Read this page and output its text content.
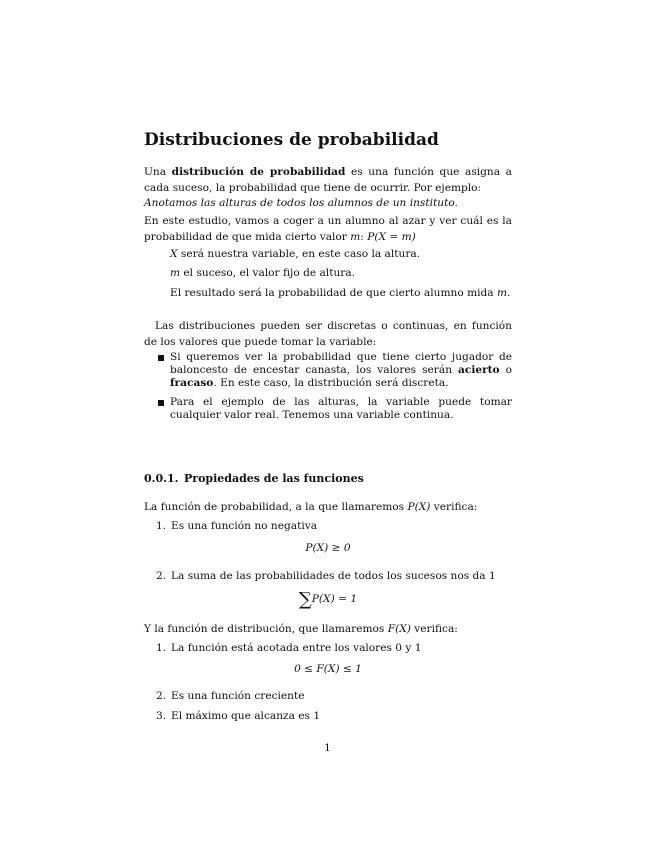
Distribuciones de probabilidad
Una distribución de probabilidad es una función que asigna a cada suceso, la probabilidad que tiene de ocurrir. Por ejemplo:
Anotamos las alturas de todos los alumnos de un instituto.
En este estudio, vamos a coger a un alumno al azar y ver cuál es la probabilidad de que mida cierto valor m: P(X = m)
X será nuestra variable, en este caso la altura.
m el suceso, el valor fijo de altura.
El resultado será la probabilidad de que cierto alumno mida m.
Las distribuciones pueden ser discretas o continuas, en función de los valores que puede tomar la variable:
Si queremos ver la probabilidad que tiene cierto jugador de baloncesto de encestar canasta, los valores serán acierto o fracaso. En este caso, la distribución será discreta.
Para el ejemplo de las alturas, la variable puede tomar cualquier valor real. Tenemos una variable continua.
0.0.1. Propiedades de las funciones
La función de probabilidad, a la que llamaremos P(X) verifica:
1. Es una función no negativa
P(X) ≥ 0
2. La suma de las probabilidades de todos los sucesos nos da 1
∑P(X) = 1
Y la función de distribución, que llamaremos F(X) verifica:
1. La función está acotada entre los valores 0 y 1
0 ≤ F(X) ≤ 1
2. Es una función creciente
3. El máximo que alcanza es 1
1
